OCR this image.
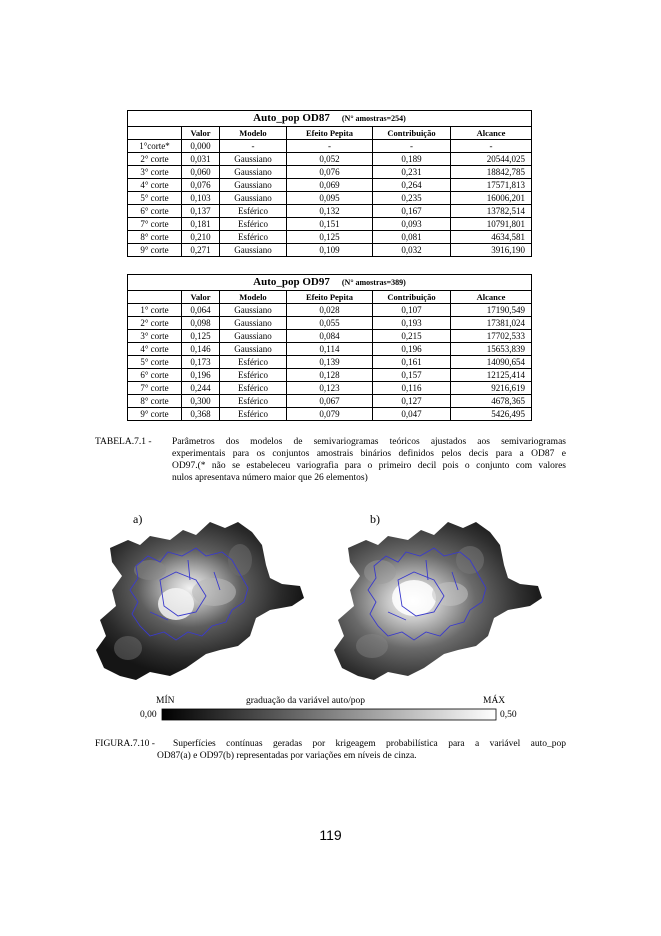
Auto_pop OD87 (N° amostras=254)					
	Valor	Modelo	Efeito Pepita	Contribuição	Alcance
1°corte*	0,000	-	-	-	-
2° corte	0,031	Gaussiano	0,052	0,189	20544,025
3° corte	0,060	Gaussiano	0,076	0,231	18842,785
4° corte	0,076	Gaussiano	0,069	0,264	17571,813
5° corte	0,103	Gaussiano	0,095	0,235	16006,201
6° corte	0,137	Esférico	0,132	0,167	13782,514
7° corte	0,181	Esférico	0,151	0,093	10791,801
8° corte	0,210	Esférico	0,125	0,081	4634,581
9° corte	0,271	Gaussiano	0,109	0,032	3916,190
Auto_pop OD97 (N° amostras=389)					
	Valor	Modelo	Efeito Pepita	Contribuição	Alcance
1° corte	0,064	Gaussiano	0,028	0,107	17190,549
2° corte	0,098	Gaussiano	0,055	0,193	17381,024
3° corte	0,125	Gaussiano	0,084	0,215	17702,533
4° corte	0,146	Gaussiano	0,114	0,196	15653,839
5° corte	0,173	Esférico	0,139	0,161	14090,654
6° corte	0,196	Esférico	0,128	0,157	12125,414
7° corte	0,244	Esférico	0,123	0,116	9216,619
8° corte	0,300	Esférico	0,067	0,127	4678,365
9° corte	0,368	Esférico	0,079	0,047	5426,495
TABELA.7.1 - Parâmetros dos modelos de semivariogramas teóricos ajustados aos semivariogramas
experimentais para os conjuntos amostrais binários definidos pelos decis para a OD87 e
OD97.(* não se estabeleceu variografia para o primeiro decil pois o conjunto com valores
nulos apresentava número maior que 26 elementos)
a)	b)
MÍN	graduação da variável auto/pop	MÁX
0,00	0,50
FIGURA.7.10 - Superfícies contínuas geradas por krigeagem probabilística para a variável auto_pop
OD87(a) e OD97(b) representadas por variações em níveis de cinza.
119
